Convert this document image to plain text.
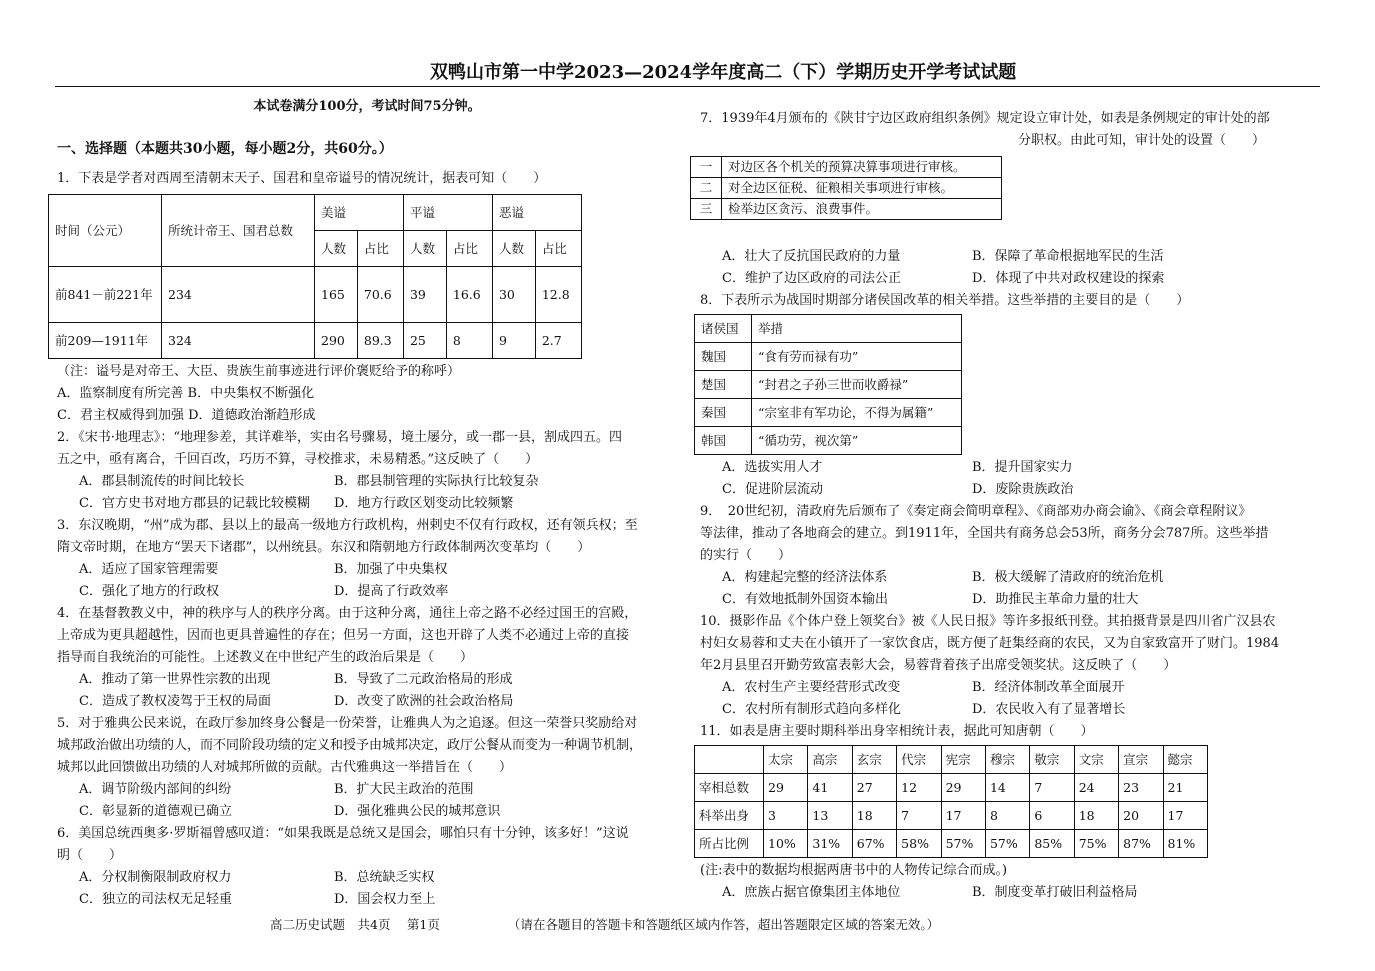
双鸭山市第一中学2023—2024学年度高二（下）学期历史开学考试试题

本试卷满分100分，考试时间75分钟。

一、选择题（本题共30小题，每小题2分，共60分。）

1．下表是学者对西周至清朝末天子、国君和皇帝谥号的情况统计，据表可知（　　）

时间（公元）	所统计帝王、国君总数	美谥		平谥		恶谥	
		人数	占比	人数	占比	人数	占比
前841－前221年	234	165	70.6	39	16.6	30	12.8
前209—1911年	324	290	89.3	25	8	9	2.7

（注：谥号是对帝王、大臣、贵族生前事迹进行评价褒贬给予的称呼）

A．监察制度有所完善 B．中央集权不断强化

C．君主权威得到加强 D．道德政治渐趋形成

2．《宋书·地理志》：“地理参差，其详难举，实由名号骤易，境土屡分，或一郡一县，割成四五。四

五之中，亟有离合，千回百改，巧历不算，寻校推求，未易精悉。”这反映了（　　）

A．郡县制流传的时间比较长	B．郡县制管理的实际执行比较复杂
C．官方史书对地方郡县的记载比较模糊	D．地方行政区划变动比较频繁

3．东汉晚期，“州”成为郡、县以上的最高一级地方行政机构，州剌史不仅有行政权，还有领兵权；至

隋文帝时期，在地方“罢天下诸郡”，以州统县。东汉和隋朝地方行政体制两次变革均（　　）

A．适应了国家管理需要	B．加强了中央集权
C．强化了地方的行政权	D．提高了行政效率

4．在基督教教义中，神的秩序与人的秩序分离。由于这种分离，通往上帝之路不必经过国王的宫殿，

上帝成为更具超越性，因而也更具普遍性的存在；但另一方面，这也开辟了人类不必通过上帝的直接

指导而自我统治的可能性。上述教义在中世纪产生的政治后果是（　　）

A．推动了第一世界性宗教的出现	B．导致了二元政治格局的形成
C．造成了教权凌驾于王权的局面	D．改变了欧洲的社会政治格局

5．对于雅典公民来说，在政厅参加终身公餐是一份荣誉，让雅典人为之追逐。但这一荣誉只奖励给对

城邦政治做出功绩的人，而不同阶段功绩的定义和授予由城邦决定，政厅公餐从而变为一种调节机制，

城邦以此回馈做出功绩的人对城邦所做的贡献。古代雅典这一举措旨在（　　）

A．调节阶级内部间的纠纷	B．扩大民主政治的范围
C．彰显新的道德观已确立	D．强化雅典公民的城邦意识

6．美国总统西奥多·罗斯福曾感叹道：“如果我既是总统又是国会，哪怕只有十分钟，该多好！”这说

明（　　）

A．分权制衡限制政府权力	B．总统缺乏实权
C．独立的司法权无足轻重	D．国会权力至上

7．1939年4月颁布的《陕甘宁边区政府组织条例》规定设立审计处，如表是条例规定的审计处的部

分职权。由此可知，审计处的设置（　　）

一	对边区各个机关的预算决算事项进行审核。
二	对全边区征税、征粮相关事项进行审核。
三	检举边区贪污、浪费事件。
A．壮大了反抗国民政府的力量	B．保障了革命根据地军民的生活
C．维护了边区政府的司法公正	D．体现了中共对政权建设的探索

8．下表所示为战国时期部分诸侯国改革的相关举措。这些举措的主要目的是（　　）

诸侯国	举措
魏国	“食有劳而禄有功”
楚国	“封君之子孙三世而收爵禄”
秦国	“宗室非有军功论，不得为属籍”
韩国	“循功劳，视次第”
A．选拔实用人才	B．提升国家实力
C．促进阶层流动	D．废除贵族政治

9．　20世纪初，清政府先后颁布了《奏定商会简明章程》、《商部劝办商会谕》、《商会章程附议》

等法律，推动了各地商会的建立。到1911年，全国共有商务总会53所，商务分会787所。这些举措

的实行（　　）

A．构建起完整的经济法体系	B．极大缓解了清政府的统治危机
C．有效地抵制外国资本输出	D．助推民主革命力量的壮大

10．摄影作品《个体户登上领奖台》被《人民日报》等许多报纸刊登。其拍摄背景是四川省广汉县农

村妇女易蓉和丈夫在小镇开了一家饮食店，既方便了赶集经商的农民，又为自家致富开了财门。1984

年2月县里召开勤劳致富表彰大会，易蓉背着孩子出席受领奖状。这反映了（　　）

A．农村生产主要经营形式改变	B．经济体制改革全面展开
C．农村所有制形式趋向多样化	D．农民收入有了显著增长

11．如表是唐主要时期科举出身宰相统计表，据此可知唐朝（　　）

	太宗	高宗	玄宗	代宗	宪宗	穆宗	敬宗	文宗	宣宗	懿宗
宰相总数	29	41	27	12	29	14	7	24	23	21
科举出身	3	13	18	7	17	8	6	18	20	17
所占比例	10%	31%	67%	58%	57%	57%	85%	75%	87%	81%

(注:表中的数据均根据两唐书中的人物传记综合而成。)

A．庶族占据官僚集团主体地位	B．制度变革打破旧利益格局
高二历史试题　共4页　 第1页	（请在各题目的答题卡和答题纸区域内作答，超出答题限定区域的答案无效。）
